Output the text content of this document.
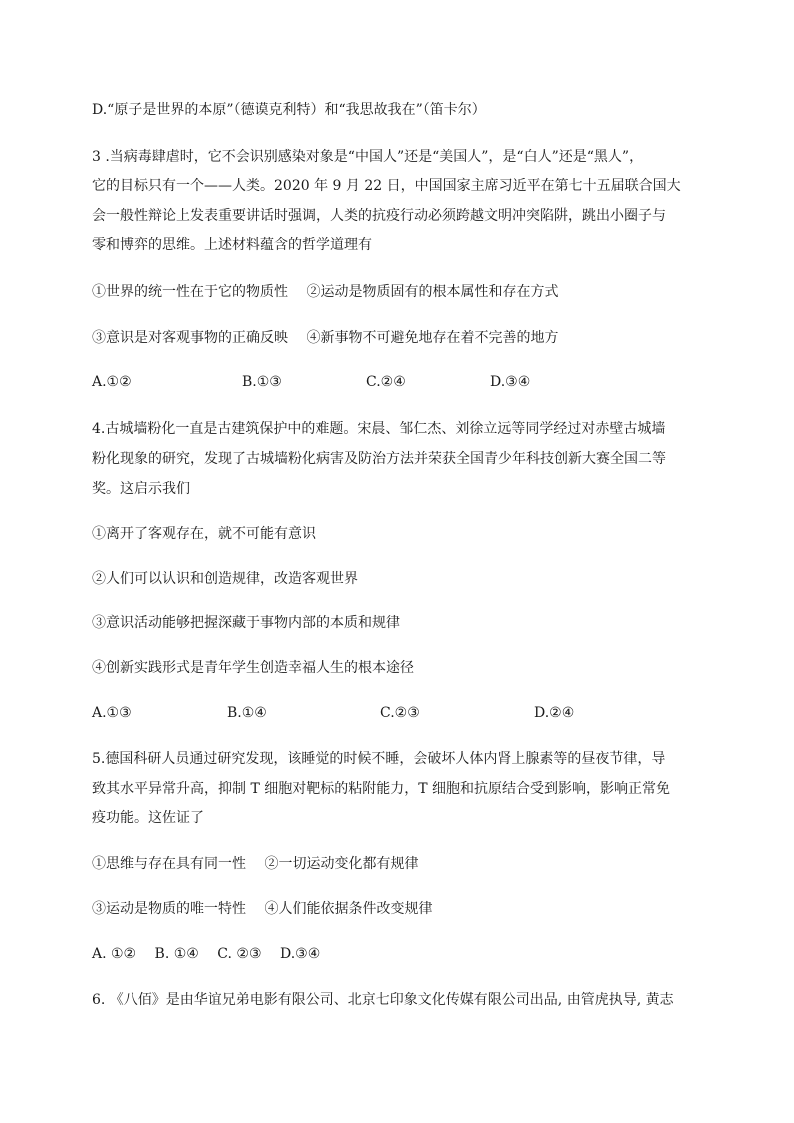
D.“原子是世界的本原”（德谟克利特）和“我思故我在”（笛卡尔）
3 .当病毒肆虐时，它不会识别感染对象是“中国人”还是“美国人”，是“白人”还是“黑人”，
它的目标只有一个——人类。2020 年 9 月 22 日，中国国家主席习近平在第七十五届联合国大
会一般性辩论上发表重要讲话时强调，人类的抗疫行动必须跨越文明冲突陷阱，跳出小圈子与
零和博弈的思维。上述材料蕴含的哲学道理有
①世界的统一性在于它的物质性　 ②运动是物质固有的根本属性和存在方式
③意识是对客观事物的正确反映　 ④新事物不可避免地存在着不完善的地方
A.①②	B.①③	C.②④	D.③④
4.古城墙粉化一直是古建筑保护中的难题。宋晨、邹仁杰、刘徐立远等同学经过对赤壁古城墙
粉化现象的研究，发现了古城墙粉化病害及防治方法并荣获全国青少年科技创新大赛全国二等
奖。这启示我们
①离开了客观存在，就不可能有意识
②人们可以认识和创造规律，改造客观世界
③意识活动能够把握深藏于事物内部的本质和规律
④创新实践形式是青年学生创造幸福人生的根本途径
A.①③	B.①④	C.②③	D.②④
5.德国科研人员通过研究发现，该睡觉的时候不睡，会破坏人体内肾上腺素等的昼夜节律，导
致其水平异常升高，抑制 T 细胞对靶标的粘附能力，T 细胞和抗原结合受到影响，影响正常免
疫功能。这佐证了
①思维与存在具有同一性　 ②一切运动变化都有规律
③运动是物质的唯一特性　 ④人们能依据条件改变规律
A. ①②　 B. ①④　 C. ②③　 D.③④
6. 《八佰》是由华谊兄弟电影有限公司、北京七印象文化传媒有限公司出品, 由管虎执导, 黄志
